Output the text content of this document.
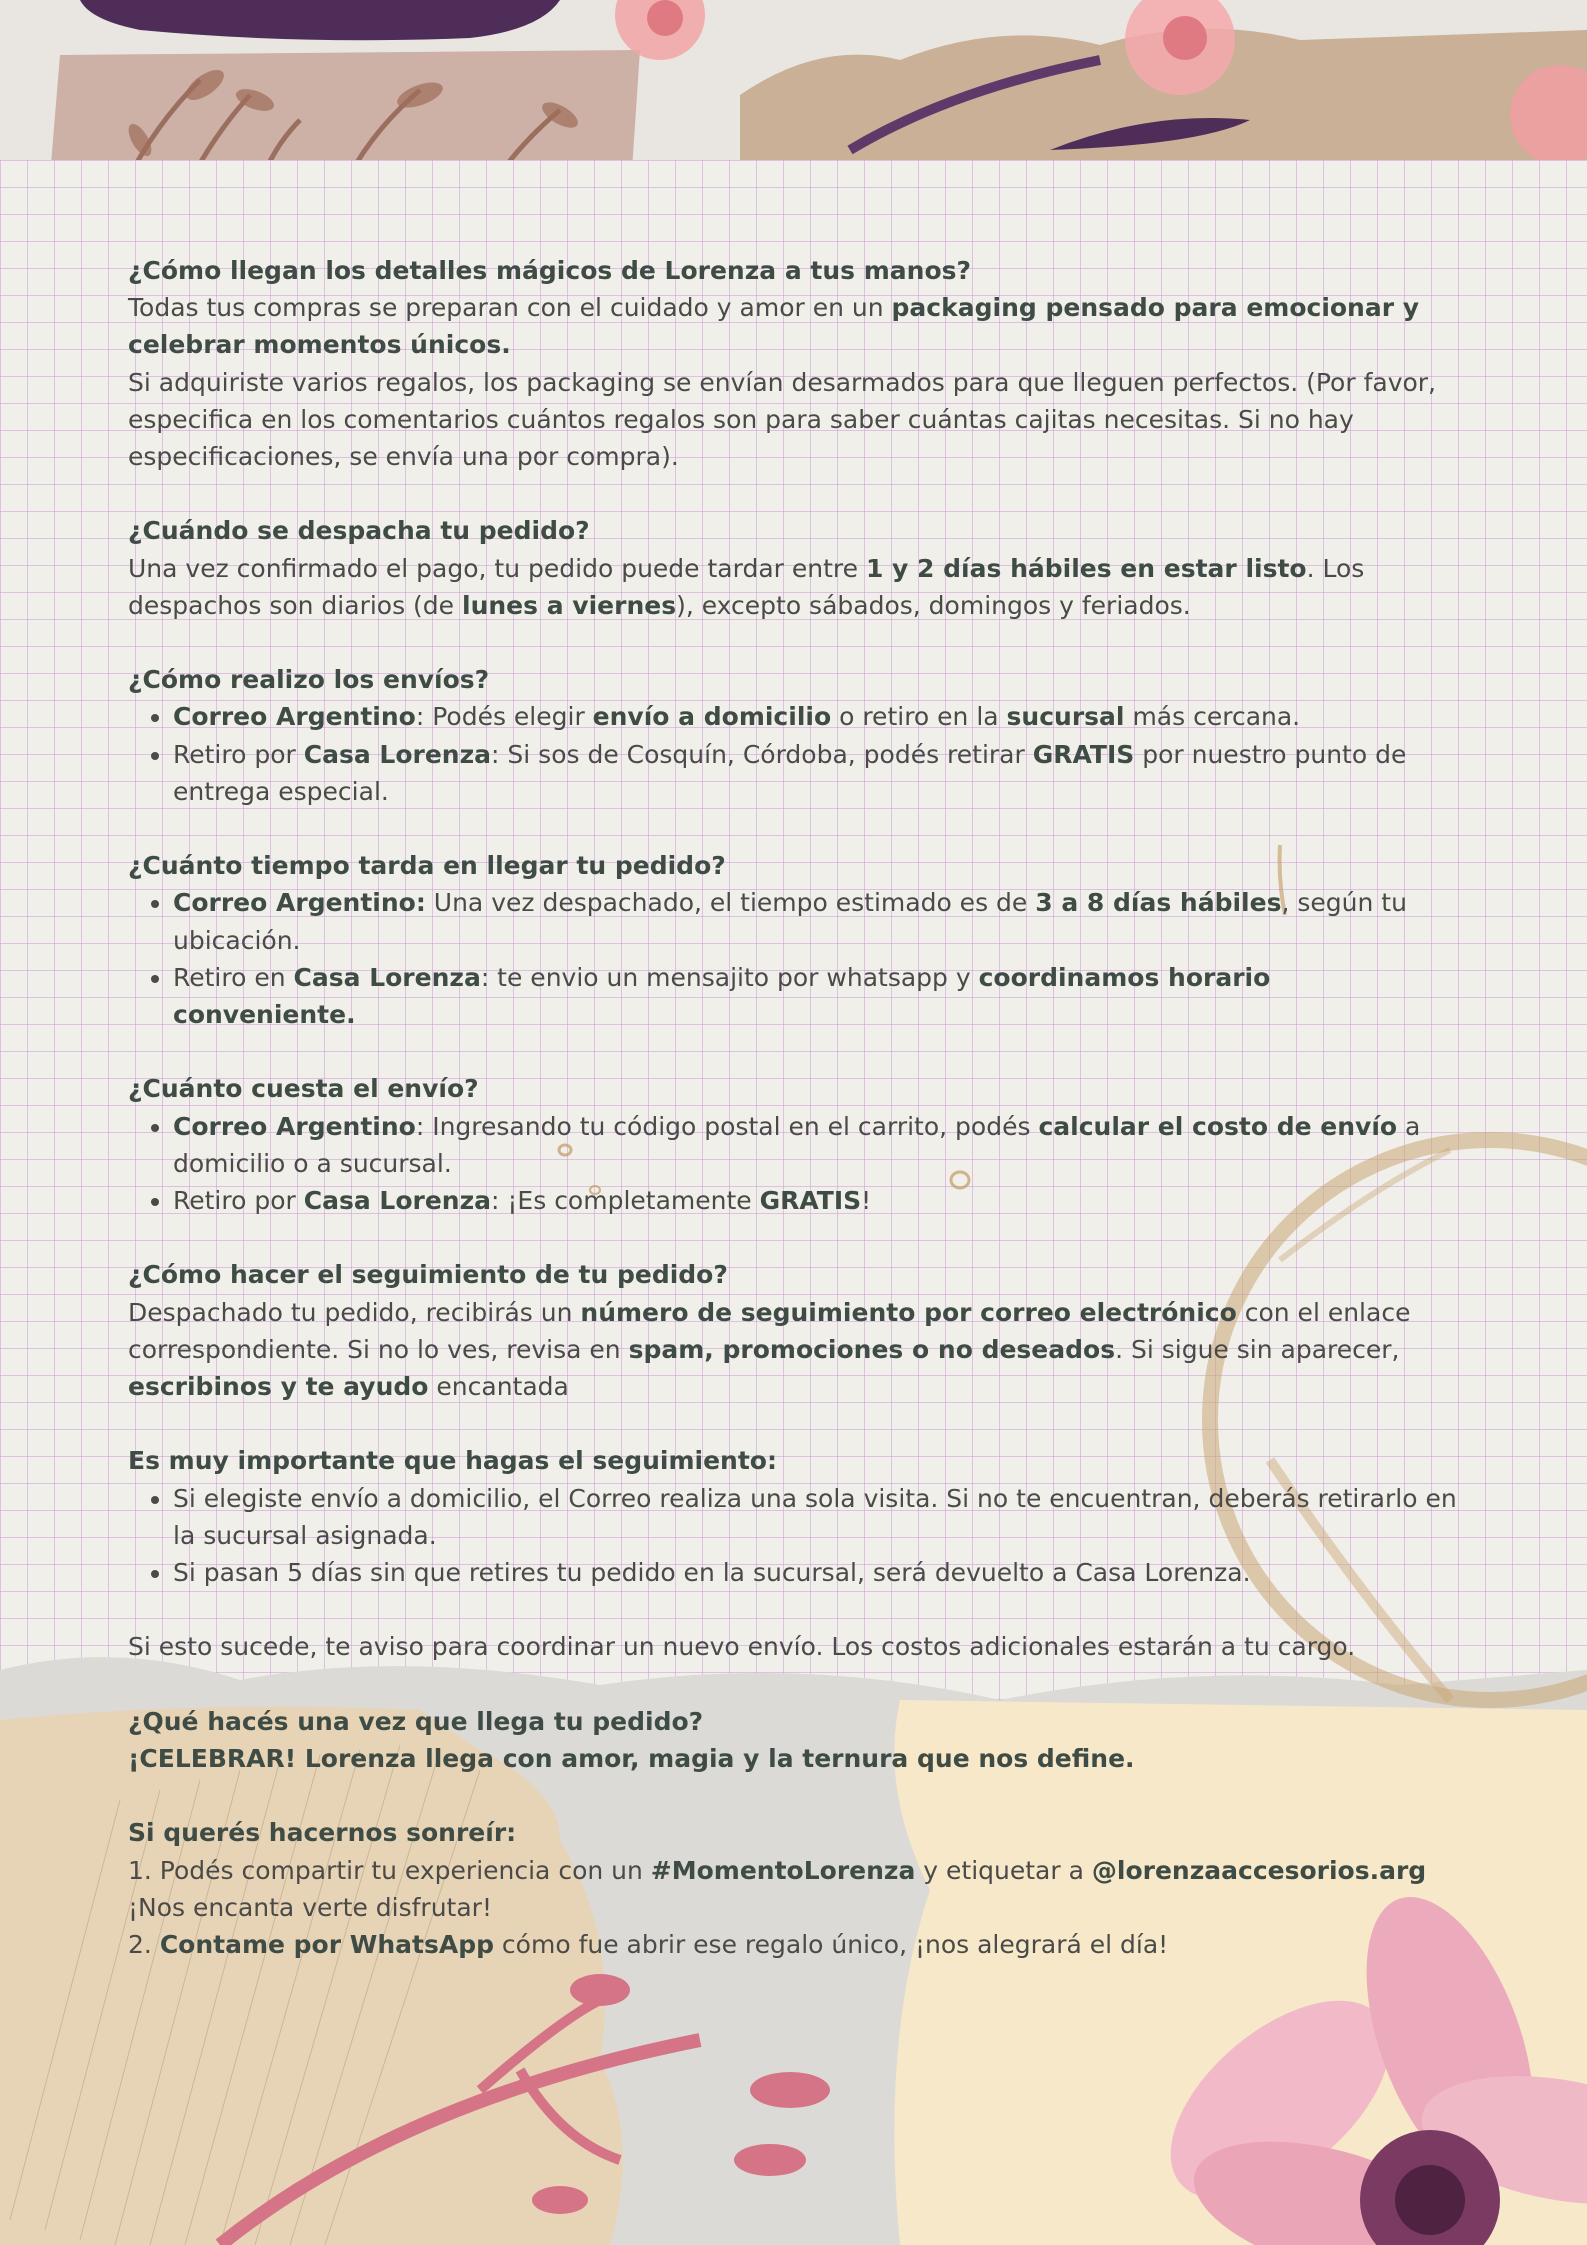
¿Cómo llegan los detalles mágicos de Lorenza a tus manos?

Todas tus compras se preparan con el cuidado y amor en un packaging pensado para emocionar y celebrar momentos únicos.

Si adquiriste varios regalos, los packaging se envían desarmados para que lleguen perfectos. (Por favor, especifica en los comentarios cuántos regalos son para saber cuántas cajitas necesitas. Si no hay especificaciones, se envía una por compra).

¿Cuándo se despacha tu pedido?

Una vez confirmado el pago, tu pedido puede tardar entre 1 y 2 días hábiles en estar listo. Los despachos son diarios (de lunes a viernes), excepto sábados, domingos y feriados.

¿Cómo realizo los envíos?

• Correo Argentino: Podés elegir envío a domicilio o retiro en la sucursal más cercana.
• Retiro por Casa Lorenza: Si sos de Cosquín, Córdoba, podés retirar GRATIS por nuestro punto de entrega especial.

¿Cuánto tiempo tarda en llegar tu pedido?

• Correo Argentino: Una vez despachado, el tiempo estimado es de 3 a 8 días hábiles, según tu ubicación.
• Retiro en Casa Lorenza: te envio un mensajito por whatsapp y coordinamos horario conveniente.

¿Cuánto cuesta el envío?

• Correo Argentino: Ingresando tu código postal en el carrito, podés calcular el costo de envío a domicilio o a sucursal.
• Retiro por Casa Lorenza: ¡Es completamente GRATIS!

¿Cómo hacer el seguimiento de tu pedido?

Despachado tu pedido, recibirás un número de seguimiento por correo electrónico con el enlace correspondiente. Si no lo ves, revisa en spam, promociones o no deseados. Si sigue sin aparecer, escribinos y te ayudo encantada

Es muy importante que hagas el seguimiento:

• Si elegiste envío a domicilio, el Correo realiza una sola visita. Si no te encuentran, deberás retirarlo en la sucursal asignada.
• Si pasan 5 días sin que retires tu pedido en la sucursal, será devuelto a Casa Lorenza.

Si esto sucede, te aviso para coordinar un nuevo envío. Los costos adicionales estarán a tu cargo.

¿Qué hacés una vez que llega tu pedido?

¡CELEBRAR! Lorenza llega con amor, magia y la ternura que nos define.

Si querés hacernos sonreír:

1. Podés compartir tu experiencia con un #MomentoLorenza y etiquetar a @lorenzaaccesorios.arg ¡Nos encanta verte disfrutar!

2. Contame por WhatsApp cómo fue abrir ese regalo único, ¡nos alegrará el día!
